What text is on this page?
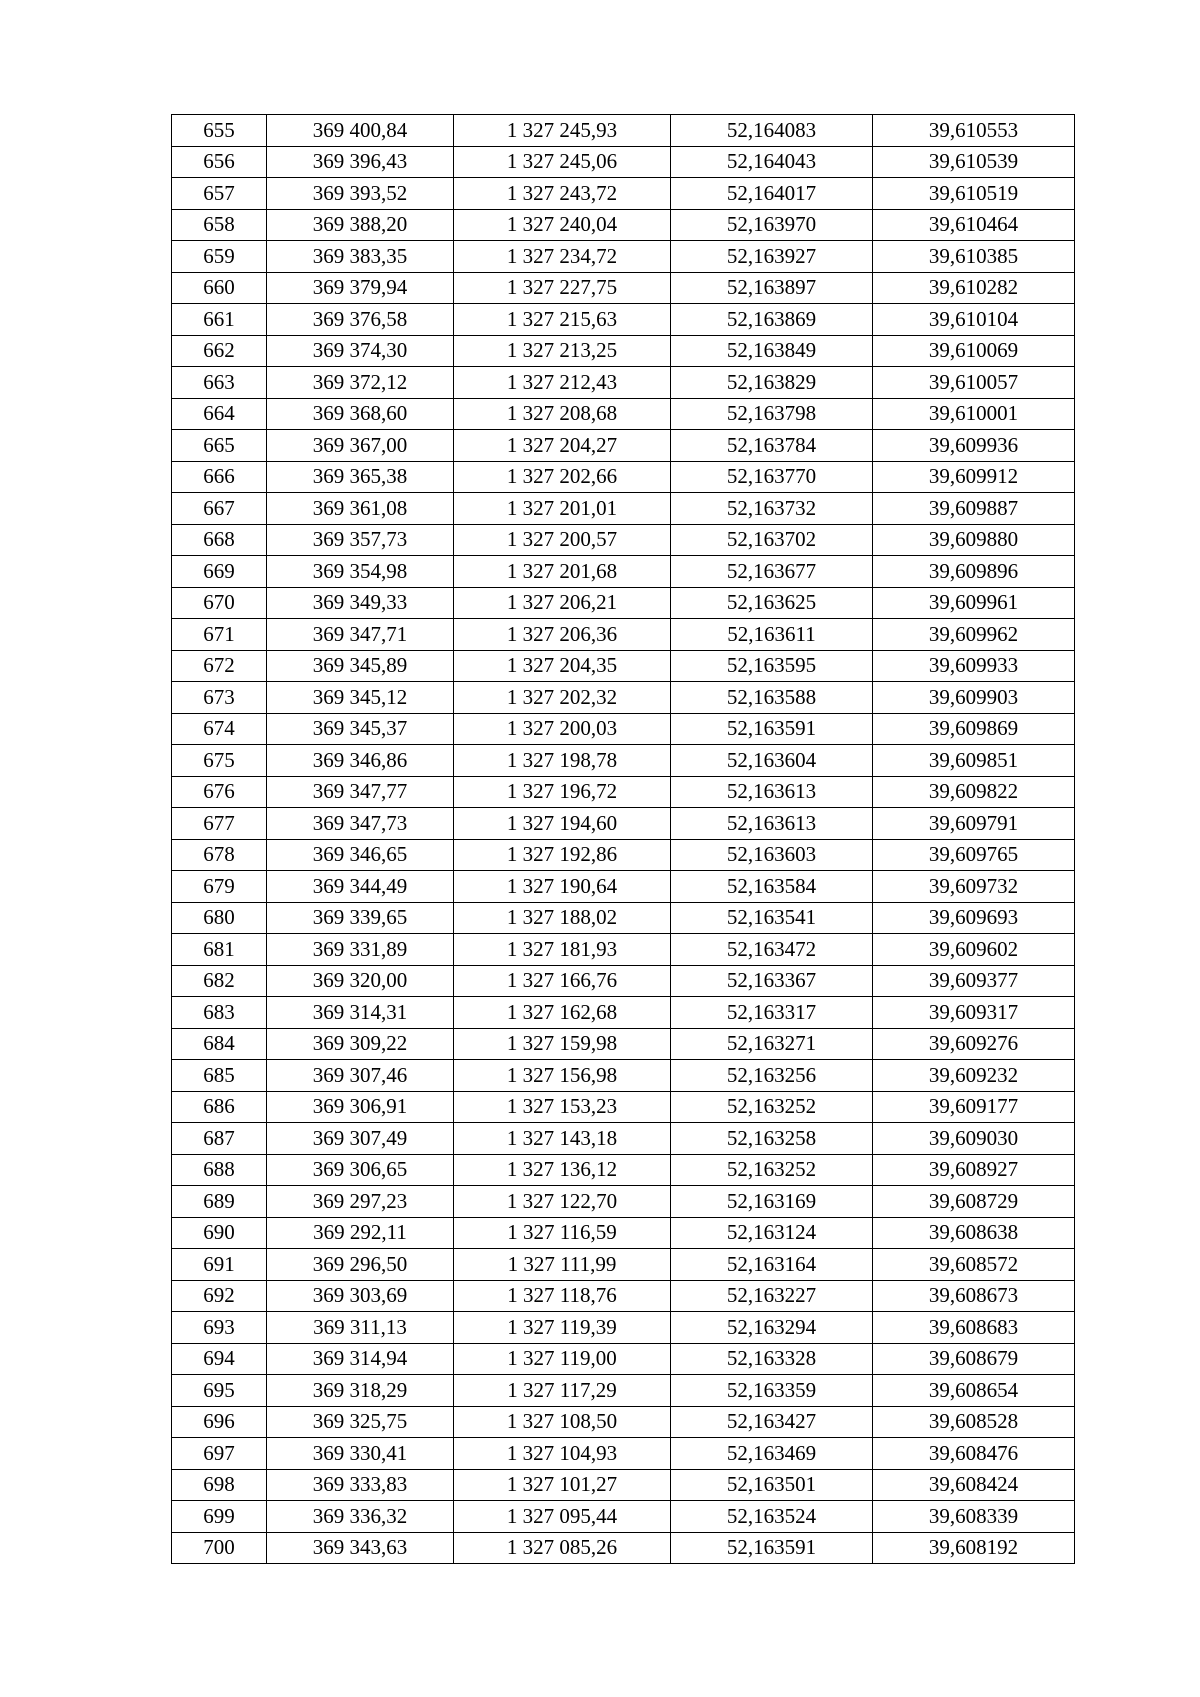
655	369 400,84	1 327 245,93	52,164083	39,610553
656	369 396,43	1 327 245,06	52,164043	39,610539
657	369 393,52	1 327 243,72	52,164017	39,610519
658	369 388,20	1 327 240,04	52,163970	39,610464
659	369 383,35	1 327 234,72	52,163927	39,610385
660	369 379,94	1 327 227,75	52,163897	39,610282
661	369 376,58	1 327 215,63	52,163869	39,610104
662	369 374,30	1 327 213,25	52,163849	39,610069
663	369 372,12	1 327 212,43	52,163829	39,610057
664	369 368,60	1 327 208,68	52,163798	39,610001
665	369 367,00	1 327 204,27	52,163784	39,609936
666	369 365,38	1 327 202,66	52,163770	39,609912
667	369 361,08	1 327 201,01	52,163732	39,609887
668	369 357,73	1 327 200,57	52,163702	39,609880
669	369 354,98	1 327 201,68	52,163677	39,609896
670	369 349,33	1 327 206,21	52,163625	39,609961
671	369 347,71	1 327 206,36	52,163611	39,609962
672	369 345,89	1 327 204,35	52,163595	39,609933
673	369 345,12	1 327 202,32	52,163588	39,609903
674	369 345,37	1 327 200,03	52,163591	39,609869
675	369 346,86	1 327 198,78	52,163604	39,609851
676	369 347,77	1 327 196,72	52,163613	39,609822
677	369 347,73	1 327 194,60	52,163613	39,609791
678	369 346,65	1 327 192,86	52,163603	39,609765
679	369 344,49	1 327 190,64	52,163584	39,609732
680	369 339,65	1 327 188,02	52,163541	39,609693
681	369 331,89	1 327 181,93	52,163472	39,609602
682	369 320,00	1 327 166,76	52,163367	39,609377
683	369 314,31	1 327 162,68	52,163317	39,609317
684	369 309,22	1 327 159,98	52,163271	39,609276
685	369 307,46	1 327 156,98	52,163256	39,609232
686	369 306,91	1 327 153,23	52,163252	39,609177
687	369 307,49	1 327 143,18	52,163258	39,609030
688	369 306,65	1 327 136,12	52,163252	39,608927
689	369 297,23	1 327 122,70	52,163169	39,608729
690	369 292,11	1 327 116,59	52,163124	39,608638
691	369 296,50	1 327 111,99	52,163164	39,608572
692	369 303,69	1 327 118,76	52,163227	39,608673
693	369 311,13	1 327 119,39	52,163294	39,608683
694	369 314,94	1 327 119,00	52,163328	39,608679
695	369 318,29	1 327 117,29	52,163359	39,608654
696	369 325,75	1 327 108,50	52,163427	39,608528
697	369 330,41	1 327 104,93	52,163469	39,608476
698	369 333,83	1 327 101,27	52,163501	39,608424
699	369 336,32	1 327 095,44	52,163524	39,608339
700	369 343,63	1 327 085,26	52,163591	39,608192
